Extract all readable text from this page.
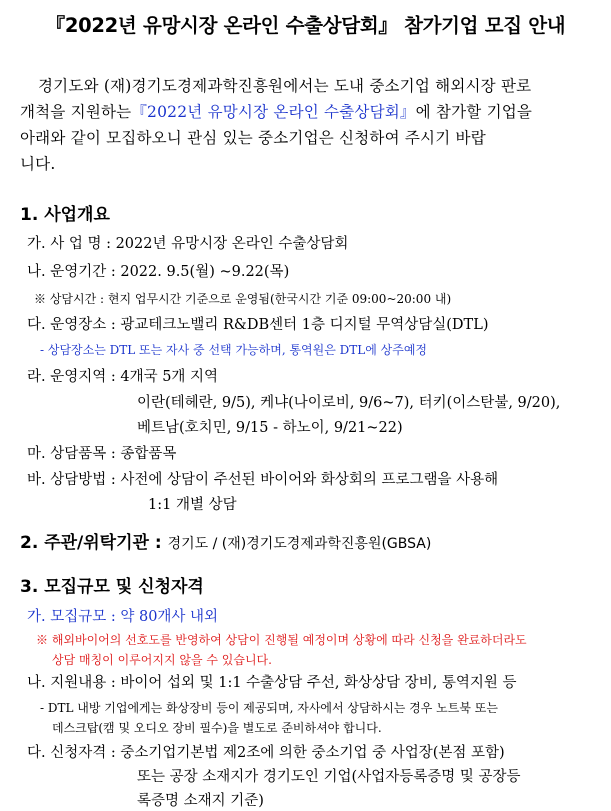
『2022년 유망시장 온라인 수출상담회』 참가기업 모집 안내
경기도와 (재)경기도경제과학진흥원에서는 도내 중소기업 해외시장 판로
개척을 지원하는『2022년 유망시장 온라인 수출상담회』에 참가할 기업을
아래와 같이 모집하오니 관심 있는 중소기업은 신청하여 주시기 바랍
니다.
1. 사업개요
가. 사 업 명 : 2022년 유망시장 온라인 수출상담회
나. 운영기간 : 2022. 9.5(월) ~9.22(목)
※ 상담시간 : 현지 업무시간 기준으로 운영됨(한국시간 기준 09:00~20:00 내)
다. 운영장소 : 광교테크노밸리 R&DB센터 1층 디지털 무역상담실(DTL)
- 상담장소는 DTL 또는 자사 중 선택 가능하며, 통역원은 DTL에 상주예정
라. 운영지역 : 4개국 5개 지역
이란(테헤란, 9/5), 케냐(나이로비, 9/6~7), 터키(이스탄불, 9/20),
베트남(호치민, 9/15 - 하노이, 9/21~22)
마. 상담품목 : 종합품목
바. 상담방법 : 사전에 상담이 주선된 바이어와 화상회의 프로그램을 사용해
1:1 개별 상담
2. 주관/위탁기관 : 경기도 / (재)경기도경제과학진흥원(GBSA)
3. 모집규모 및 신청자격
가. 모집규모 : 약 80개사 내외
※ 해외바이어의 선호도를 반영하여 상담이 진행될 예정이며 상황에 따라 신청을 완료하더라도
상담 매칭이 이루어지지 않을 수 있습니다.
나. 지원내용 : 바이어 섭외 및 1:1 수출상담 주선, 화상상담 장비, 통역지원 등
- DTL 내방 기업에게는 화상장비 등이 제공되며, 자사에서 상담하시는 경우 노트북 또는
데스크탑(캠 및 오디오 장비 필수)을 별도로 준비하셔야 합니다.
다. 신청자격 : 중소기업기본법 제2조에 의한 중소기업 중 사업장(본점 포함)
또는 공장 소재지가 경기도인 기업(사업자등록증명 및 공장등
록증명 소재지 기준)
